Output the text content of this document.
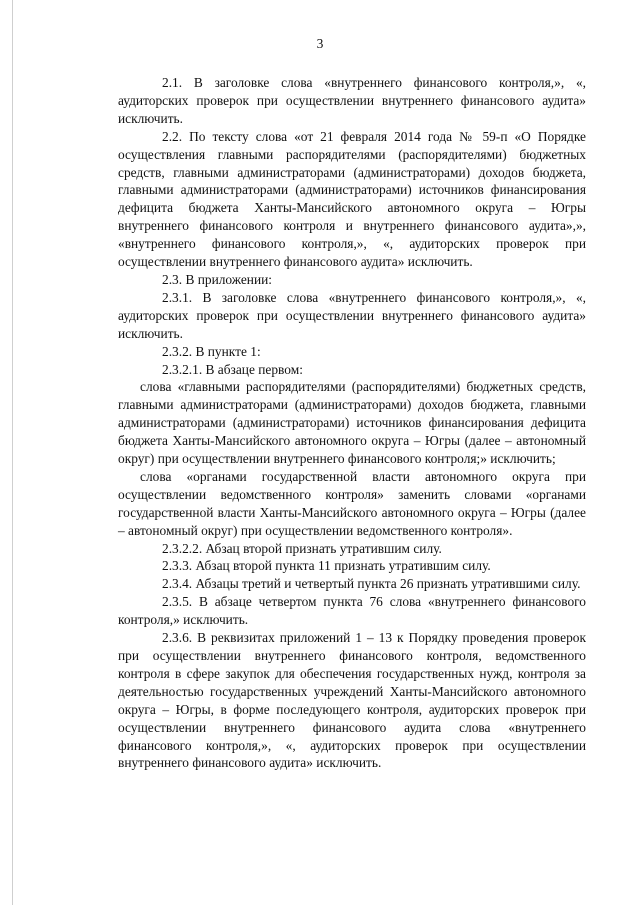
3

2.1. В заголовке слова «внутреннего финансового контроля,», «, аудиторских проверок при осуществлении внутреннего финансового аудита» исключить.

2.2. По тексту слова «от 21 февраля 2014 года № 59-п «О Порядке осуществления главными распорядителями (распорядителями) бюджетных средств, главными администраторами (администраторами) доходов бюджета, главными администраторами (администраторами) источников финансирования дефицита бюджета Ханты-Мансийского автономного округа – Югры внутреннего финансового контроля и внутреннего финансового аудита»,», «внутреннего финансового контроля,», «, аудиторских проверок при осуществлении внутреннего финансового аудита» исключить.

2.3. В приложении:

2.3.1. В заголовке слова «внутреннего финансового контроля,», «, аудиторских проверок при осуществлении внутреннего финансового аудита» исключить.

2.3.2. В пункте 1:

2.3.2.1. В абзаце первом:

слова «главными распорядителями (распорядителями) бюджетных средств, главными администраторами (администраторами) доходов бюджета, главными администраторами (администраторами) источников финансирования дефицита бюджета Ханты-Мансийского автономного округа – Югры (далее – автономный округ) при осуществлении внутреннего финансового контроля;» исключить;

слова «органами государственной власти автономного округа при осуществлении ведомственного контроля» заменить словами «органами государственной власти Ханты-Мансийского автономного округа – Югры (далее – автономный округ) при осуществлении ведомственного контроля».

2.3.2.2. Абзац второй признать утратившим силу.

2.3.3. Абзац второй пункта 11 признать утратившим силу.

2.3.4. Абзацы третий и четвертый пункта 26 признать утратившими силу.

2.3.5. В абзаце четвертом пункта 76 слова «внутреннего финансового контроля,» исключить.

2.3.6. В реквизитах приложений 1 – 13 к Порядку проведения проверок при осуществлении внутреннего финансового контроля, ведомственного контроля в сфере закупок для обеспечения государственных нужд, контроля за деятельностью государственных учреждений Ханты-Мансийского автономного округа – Югры, в форме последующего контроля, аудиторских проверок при осуществлении внутреннего финансового аудита слова «внутреннего финансового контроля,», «, аудиторских проверок при осуществлении внутреннего финансового аудита» исключить.
